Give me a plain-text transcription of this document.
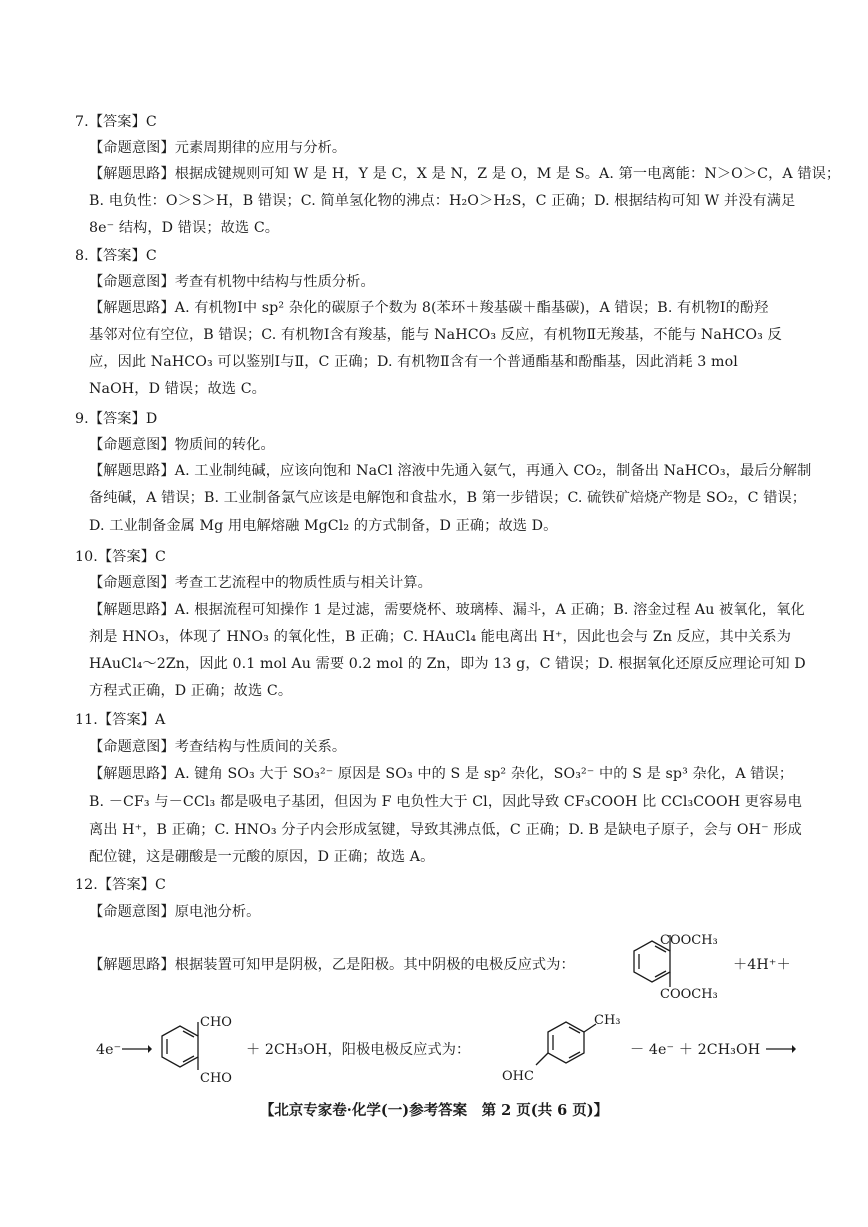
7.【答案】C
【命题意图】元素周期律的应用与分析。
【解题思路】根据成键规则可知 W 是 H，Y 是 C，X 是 N，Z 是 O，M 是 S。A. 第一电离能：N＞O＞C，A 错误；
B. 电负性：O＞S＞H，B 错误；C. 简单氢化物的沸点：H₂O＞H₂S，C 正确；D. 根据结构可知 W 并没有满足
8e⁻ 结构，D 错误；故选 C。
8.【答案】C
【命题意图】考查有机物中结构与性质分析。
【解题思路】A. 有机物Ⅰ中 sp² 杂化的碳原子个数为 8(苯环＋羧基碳＋酯基碳)，A 错误；B. 有机物Ⅰ的酚羟
基邻对位有空位，B 错误；C. 有机物Ⅰ含有羧基，能与 NaHCO₃ 反应，有机物Ⅱ无羧基，不能与 NaHCO₃ 反
应，因此 NaHCO₃ 可以鉴别Ⅰ与Ⅱ，C 正确；D. 有机物Ⅱ含有一个普通酯基和酚酯基，因此消耗 3 mol
NaOH，D 错误；故选 C。
9.【答案】D
【命题意图】物质间的转化。
【解题思路】A. 工业制纯碱，应该向饱和 NaCl 溶液中先通入氨气，再通入 CO₂，制备出 NaHCO₃，最后分解制
备纯碱，A 错误；B. 工业制备氯气应该是电解饱和食盐水，B 第一步错误；C. 硫铁矿焙烧产物是 SO₂，C 错误；
D. 工业制备金属 Mg 用电解熔融 MgCl₂ 的方式制备，D 正确；故选 D。
10.【答案】C
【命题意图】考查工艺流程中的物质性质与相关计算。
【解题思路】A. 根据流程可知操作 1 是过滤，需要烧杯、玻璃棒、漏斗，A 正确；B. 溶金过程 Au 被氧化，氧化
剂是 HNO₃，体现了 HNO₃ 的氧化性，B 正确；C. HAuCl₄ 能电离出 H⁺，因此也会与 Zn 反应，其中关系为
HAuCl₄～2Zn，因此 0.1 mol Au 需要 0.2 mol 的 Zn，即为 13 g，C 错误；D. 根据氧化还原反应理论可知 D
方程式正确，D 正确；故选 C。
11.【答案】A
【命题意图】考查结构与性质间的关系。
【解题思路】A. 键角 SO₃ 大于 SO₃²⁻ 原因是 SO₃ 中的 S 是 sp² 杂化，SO₃²⁻ 中的 S 是 sp³ 杂化，A 错误；
B. －CF₃ 与－CCl₃ 都是吸电子基团，但因为 F 电负性大于 Cl，因此导致 CF₃COOH 比 CCl₃COOH 更容易电
离出 H⁺，B 正确；C. HNO₃ 分子内会形成氢键，导致其沸点低，C 正确；D. B 是缺电子原子，会与 OH⁻ 形成
配位键，这是硼酸是一元酸的原因，D 正确；故选 A。
12.【答案】C
【命题意图】原电池分析。
【解题思路】根据装置可知甲是阴极，乙是阳极。其中阴极的电极反应式为：
COOCH₃
COOCH₃
＋4H⁺＋
4e⁻ →
CHO
CHO
＋ 2CH₃OH，阳极电极反应式为：
CH₃
OHC
－ 4e⁻ ＋ 2CH₃OH →
【北京专家卷·化学(一)参考答案　第 2 页(共 6 页)】
